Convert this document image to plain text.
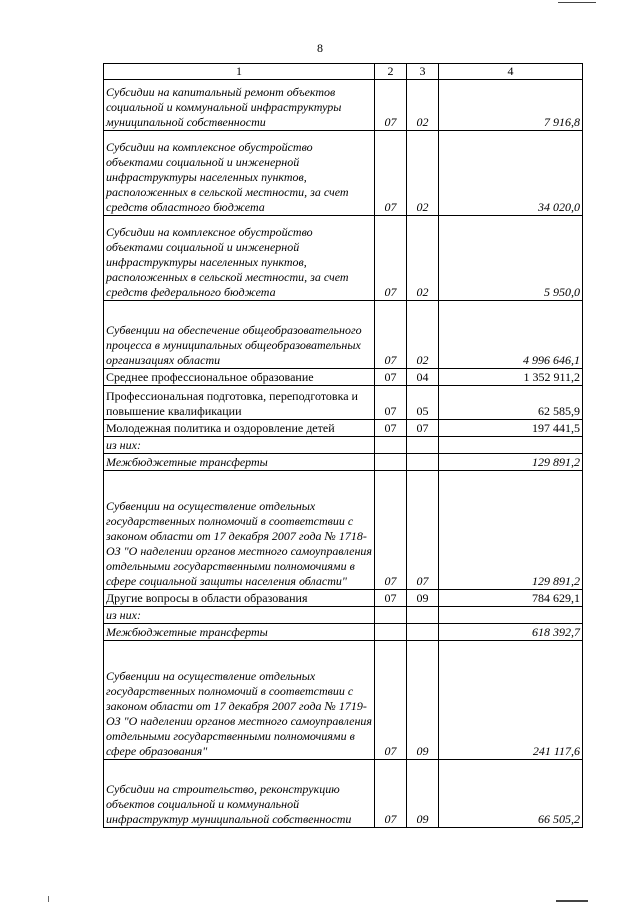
8
1	2	3	4
Субсидии на капитальный ремонт объектов социальной и коммунальной инфраструктуры муниципальной собственности	07	02	7 916,8
Субсидии на комплексное обустройство объектами социальной и инженерной инфраструктуры населенных пунктов, расположенных в сельской местности, за счет средств областного бюджета	07	02	34 020,0
Субсидии на комплексное обустройство объектами социальной и инженерной инфраструктуры населенных пунктов, расположенных в сельской местности, за счет средств федерального бюджета	07	02	5 950,0
Субвенции на обеспечение общеобразовательного процесса в муниципальных общеобразовательных организациях области	07	02	4 996 646,1
Среднее профессиональное образование	07	04	1 352 911,2
Профессиональная подготовка, переподготовка и повышение квалификации	07	05	62 585,9
Молодежная политика и оздоровление детей	07	07	197 441,5
из них:			
Межбюджетные трансферты			129 891,2
Субвенции на осуществление отдельных государственных полномочий в соответствии с законом области от 17 декабря 2007 года № 1718-ОЗ "О наделении органов местного самоуправления отдельными государственными полномочиями в сфере социальной защиты населения области"	07	07	129 891,2
Другие вопросы в области образования	07	09	784 629,1
из них:			
Межбюджетные трансферты			618 392,7
Субвенции на осуществление отдельных государственных полномочий в соответствии с законом области от 17 декабря 2007 года № 1719-ОЗ "О наделении органов местного самоуправления отдельными государственными полномочиями в сфере образования"	07	09	241 117,6
Субсидии на строительство, реконструкцию объектов социальной и коммунальной инфраструктур муниципальной собственности	07	09	66 505,2
